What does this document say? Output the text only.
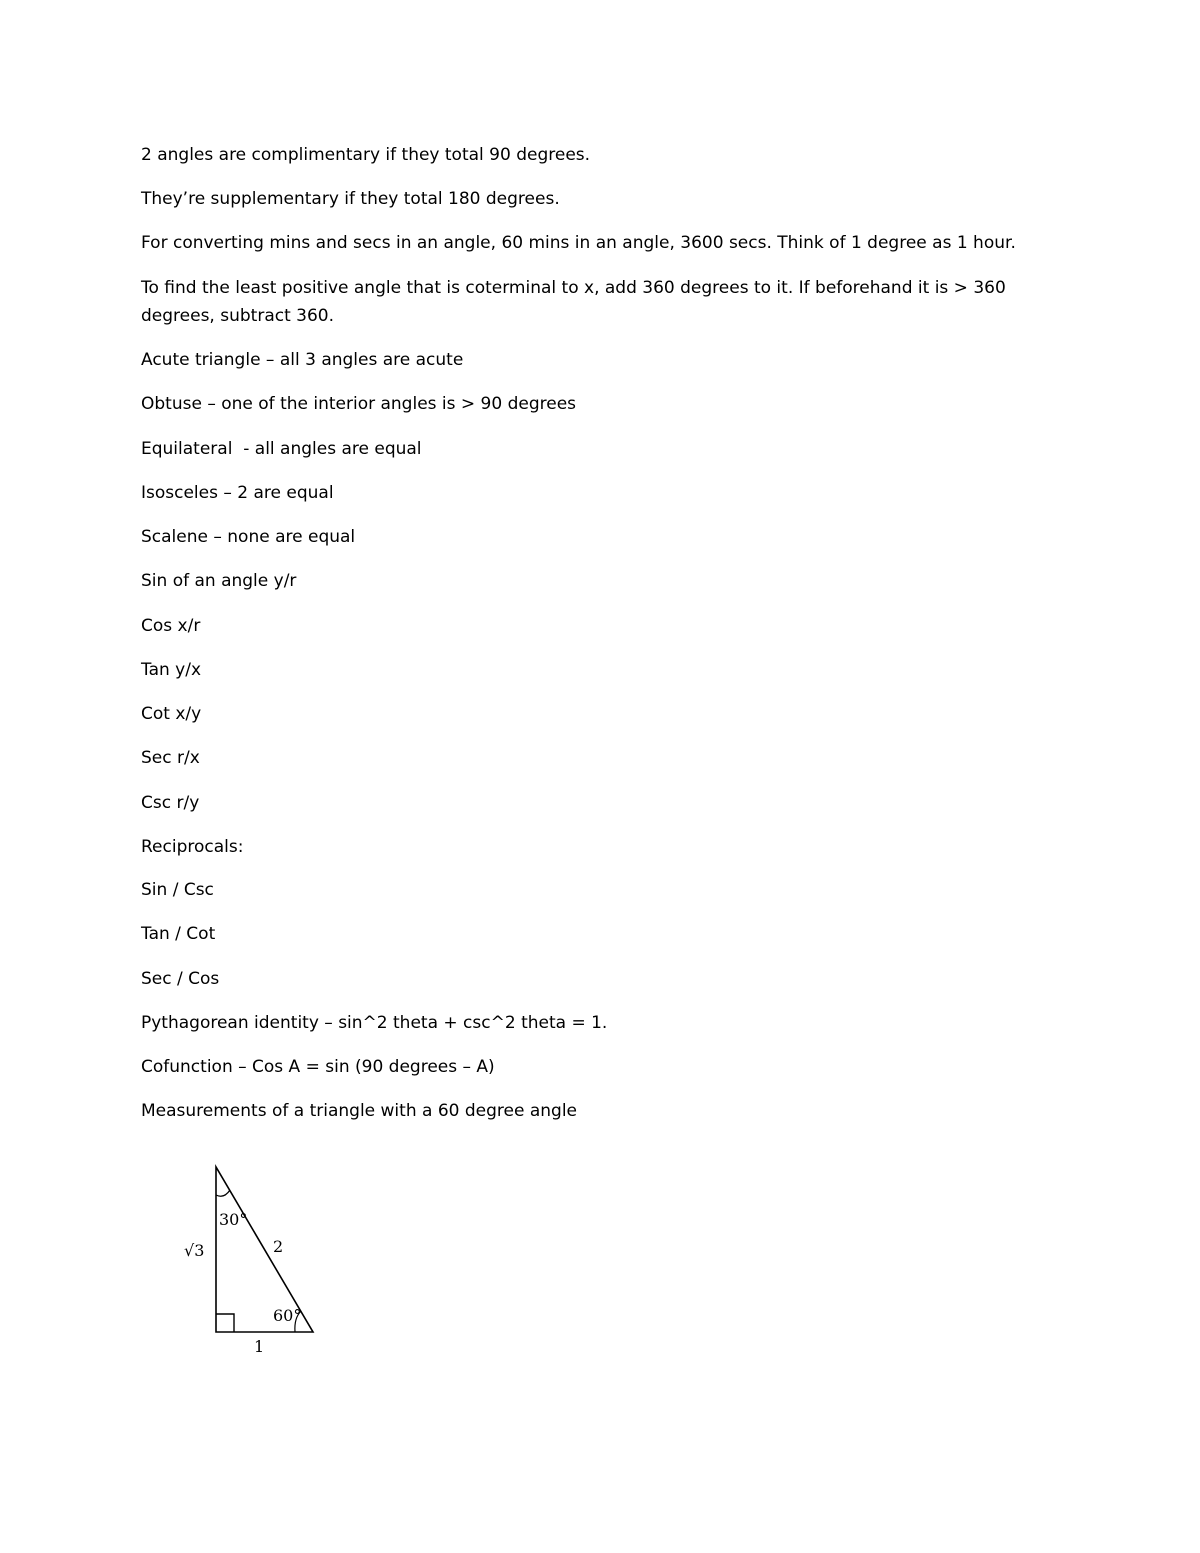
2 angles are complimentary if they total 90 degrees.

They’re supplementary if they total 180 degrees.

For converting mins and secs in an angle, 60 mins in an angle, 3600 secs. Think of 1 degree as 1 hour.

To find the least positive angle that is coterminal to x, add 360 degrees to it. If beforehand it is > 360 degrees, subtract 360.

Acute triangle – all 3 angles are acute

Obtuse – one of the interior angles is > 90 degrees

Equilateral  - all angles are equal

Isosceles – 2 are equal

Scalene – none are equal

Sin of an angle y/r

Cos x/r

Tan y/x

Cot x/y

Sec r/x

Csc r/y

Reciprocals:

Sin / Csc

Tan / Cot

Sec / Cos

Pythagorean identity – sin^2 theta + csc^2 theta = 1.

Cofunction – Cos A = sin (90 degrees – A)

Measurements of a triangle with a 60 degree angle

30°
2
√3
60°
1
